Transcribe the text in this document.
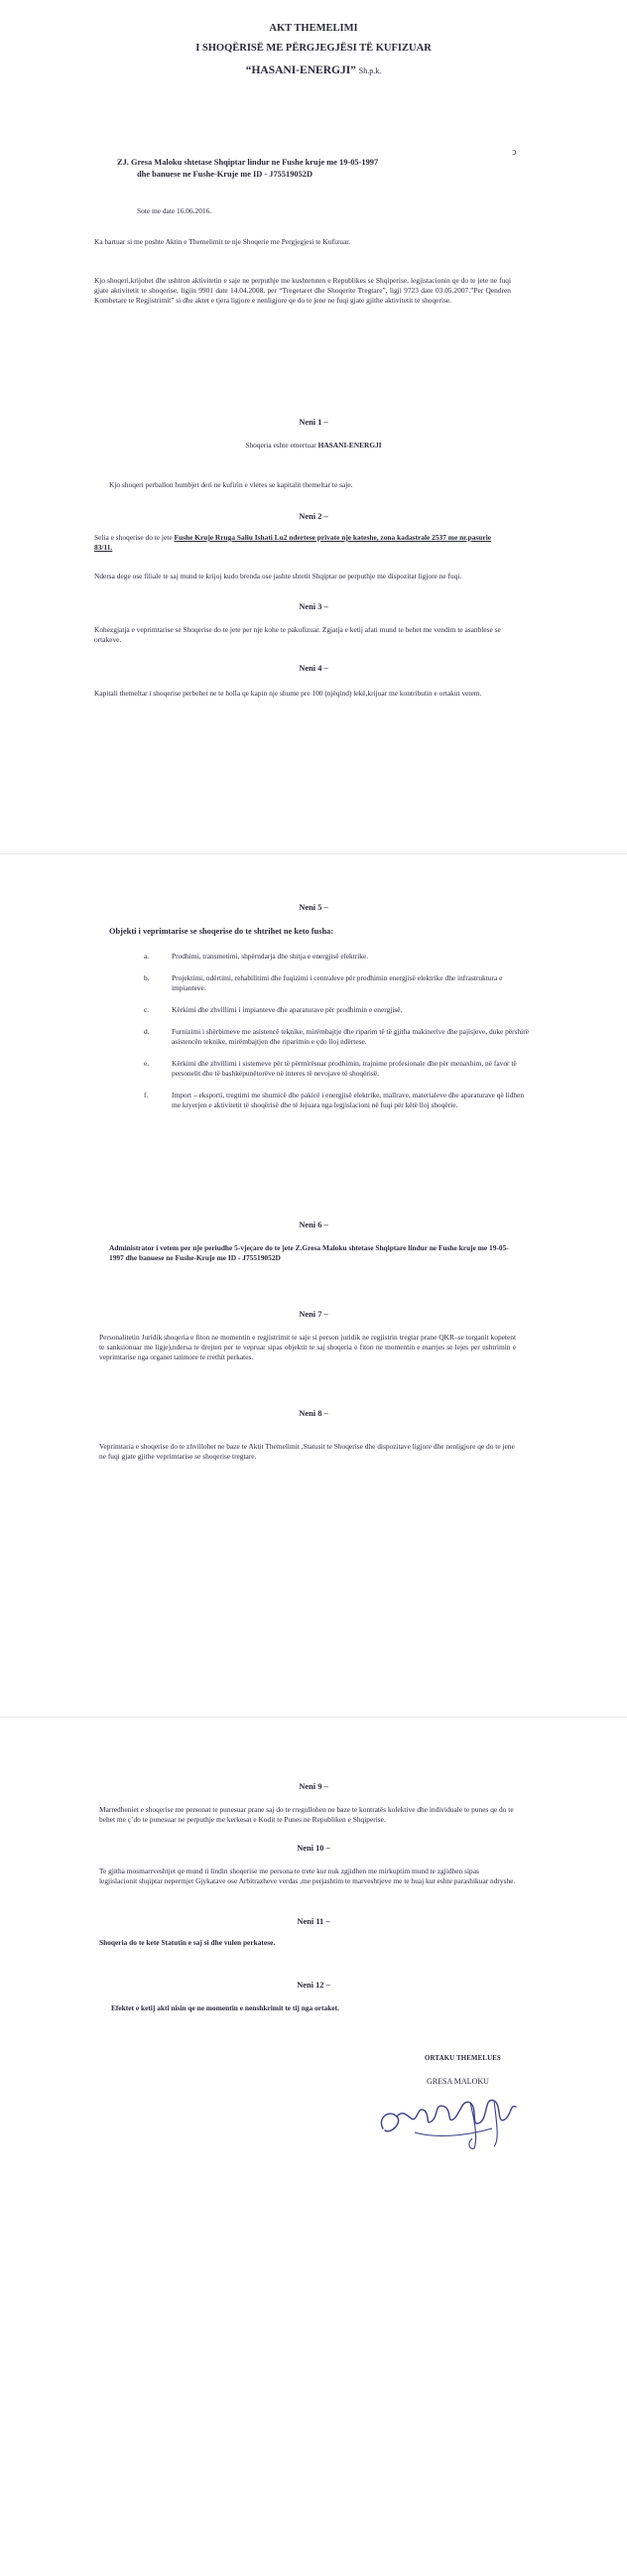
AKT THEMELIMI
I SHOQËRISË ME PËRGJEGJËSI TË KUFIZUAR
“HASANI-ENERGJI” Sh.p.k.
ZJ. Gresa Maloku shtetase Shqiptar lindur ne Fushe kruje me 19-05-1997
dhe banuese ne Fushe-Kruje me ID - J75519052D
ↄ
Sote me date 16.06.2016.
Ka hartuar si me poshte Aktin e Themelimit te nje Shoqerie me Pergjegjesi te Kufizuar.
Kjo shoqeri,krijohet dhe ushtron aktivitetin e saje ne perputhje me kushtetuten e Republikes se Shqiperise, legjistacionin qe do te jete ne fuqi gjate aktivitetit te shoqerise, ligjin 9901 date 14.04.2008, per “Tregetaret dhe Shoqerite Tregtare”, ligji 9723 date 03.05.2007.”Per Qendren Kombetare te Regjistrimit” si dhe aktet e tjera ligjore e nenligjore qe do te jene ne fuqi gjate gjithe aktivitetit te shoqerise.
Neni 1 –
Shoqeria eshte emertuar HASANI-ENERGJI
Kjo shoqeri perballon humbjet deri ne kufirin e vleres se kapitalit themeltar te saje.
Neni 2 –
Selia e shoqerise do te jete Fushe Kruje Rruga Saliu Ishati Lu2 ndertese private nje kateshe, zona kadastrale 2537 me nr.pasurie 83/11.
Ndersa dege ose filiale te saj mund te krijoj kudo brenda ose jashte shtetit Shqiptar ne perputhje me dispozitat ligjore ne fuqi.
Neni 3 –
Kohezgjatja e veprimtarise se Shoqerise do te jete per nje kohe te pakufizuar. Zgjatja e ketij afati mund te behet me vendim te asanblese se ortakeve.
Neni 4 –
Kapitali themeltar i shoqerise perbehet ne te holla qe kapin nje shume pre 100 (njëqind) lekë,krijuar me kontributin e ortakut vetem.
Neni 5 –
Objekti i veprimtarise se shoqerise do te shtrihet ne keto fusha:
a.	Prodhimi, transmetimi, shpërndarja dhe shitja e energjisë elektrike.
b.	Projektimi, ndërtimi, rehabilitimi dhe fuqizimi i centraleve për prodhimin energjisë elektrike dhe infrastruktura e impianteve.
c.	Kërkimi dhe zhvillimi i impianteve dhe aparaturave për prodhimin e energjisë.
d.	Furnizimi i shërbimeve me asistencë teknike, mirëmbajtje dhe riparim të të gjitha makinerive dhe pajisjeve, duke përshirë asistencën teknike, mirëmbajtjen dhe riparimin e çdo lloj ndërtese.
e.	Kërkimi dhe zhvillimi i sistemeve për të përmirësuar prodhimin, trajnime profesionale dhe për menaxhim, në favor të personelit dhe të bashkëpunëtorëve në interes të nevojave të shoqërisë.
f.	Import – eksporti, tregtimi me shumicë dhe pakicë i energjisë elektrike, mallrave, materialeve dhe aparaturave që lidhen me kryerjen e aktivitetit të shoqërisë dhe të lejuara nga legjislacioni në fuqi për këtë lloj shoqërie.
Neni 6 –
Administrator i vetem per nje periudhe 5-vjeçare do te jete Z.Gresa Maloku shtetase Shqiptare lindur ne Fushe kruje me 19-05-1997 dhe banuese ne Fushe-Kruje me ID - J75519052D
Neni 7 –
Personalitetin Juridik shoqeria e fiton ne momentin e regjistrimit te saje si person juridik ne regjistrin tregtar prane QKR–se torganit kopetent te sanksionuar me ligje),ndersa te drejten per te vepruar sipas objektit te saj shoqeria e fiton ne momentin e marrjes se lejes per ushtrimin e veprimtarise nga organet tatimore te rrethit perkates.
Neni 8 –
Veprimtaria e shoqerise do te zhvillohet ne baze te Aktit Themelimit ,Statusit te Shoqerise dhe dispozitave ligjore dhe nenligjore qe do te jene ne fuqi gjate gjithe veprimtarise se shoqerise tregtare.
Neni 9 –
Marredheniet e shoqerise me personat te punesuar prane saj do te rregullohen ne baze te kontratës kolektive dhe individuale te punes qe do te behet me ç’do te punesuar ne perputhje me kerkesat e Kodit te Punes ne Republiken e Shqiperise.
Neni 10 –
Te gjitha mosmarrveshtjet qe mund ti lindin shoqerise me persona te trete kur nuk zgjidhen me mirkuptim mund te zgjidhen sipas legjislacionit shqiptar nepermjet Gjykatave ose Arbitrazheve verdas ,me perjashtim te marveshtjeve me te huaj kur eshte parashikuar ndryshe.
Neni 11 –
Shoqeria do te kete Statutin e saj si dhe vulen perkatese.
Neni 12 –
Efektet e ketij akti nisin qe ne momentin e nenshkrimit te tij nga ortaket.
ORTAKU THEMELUES
GRESA MALOKU
